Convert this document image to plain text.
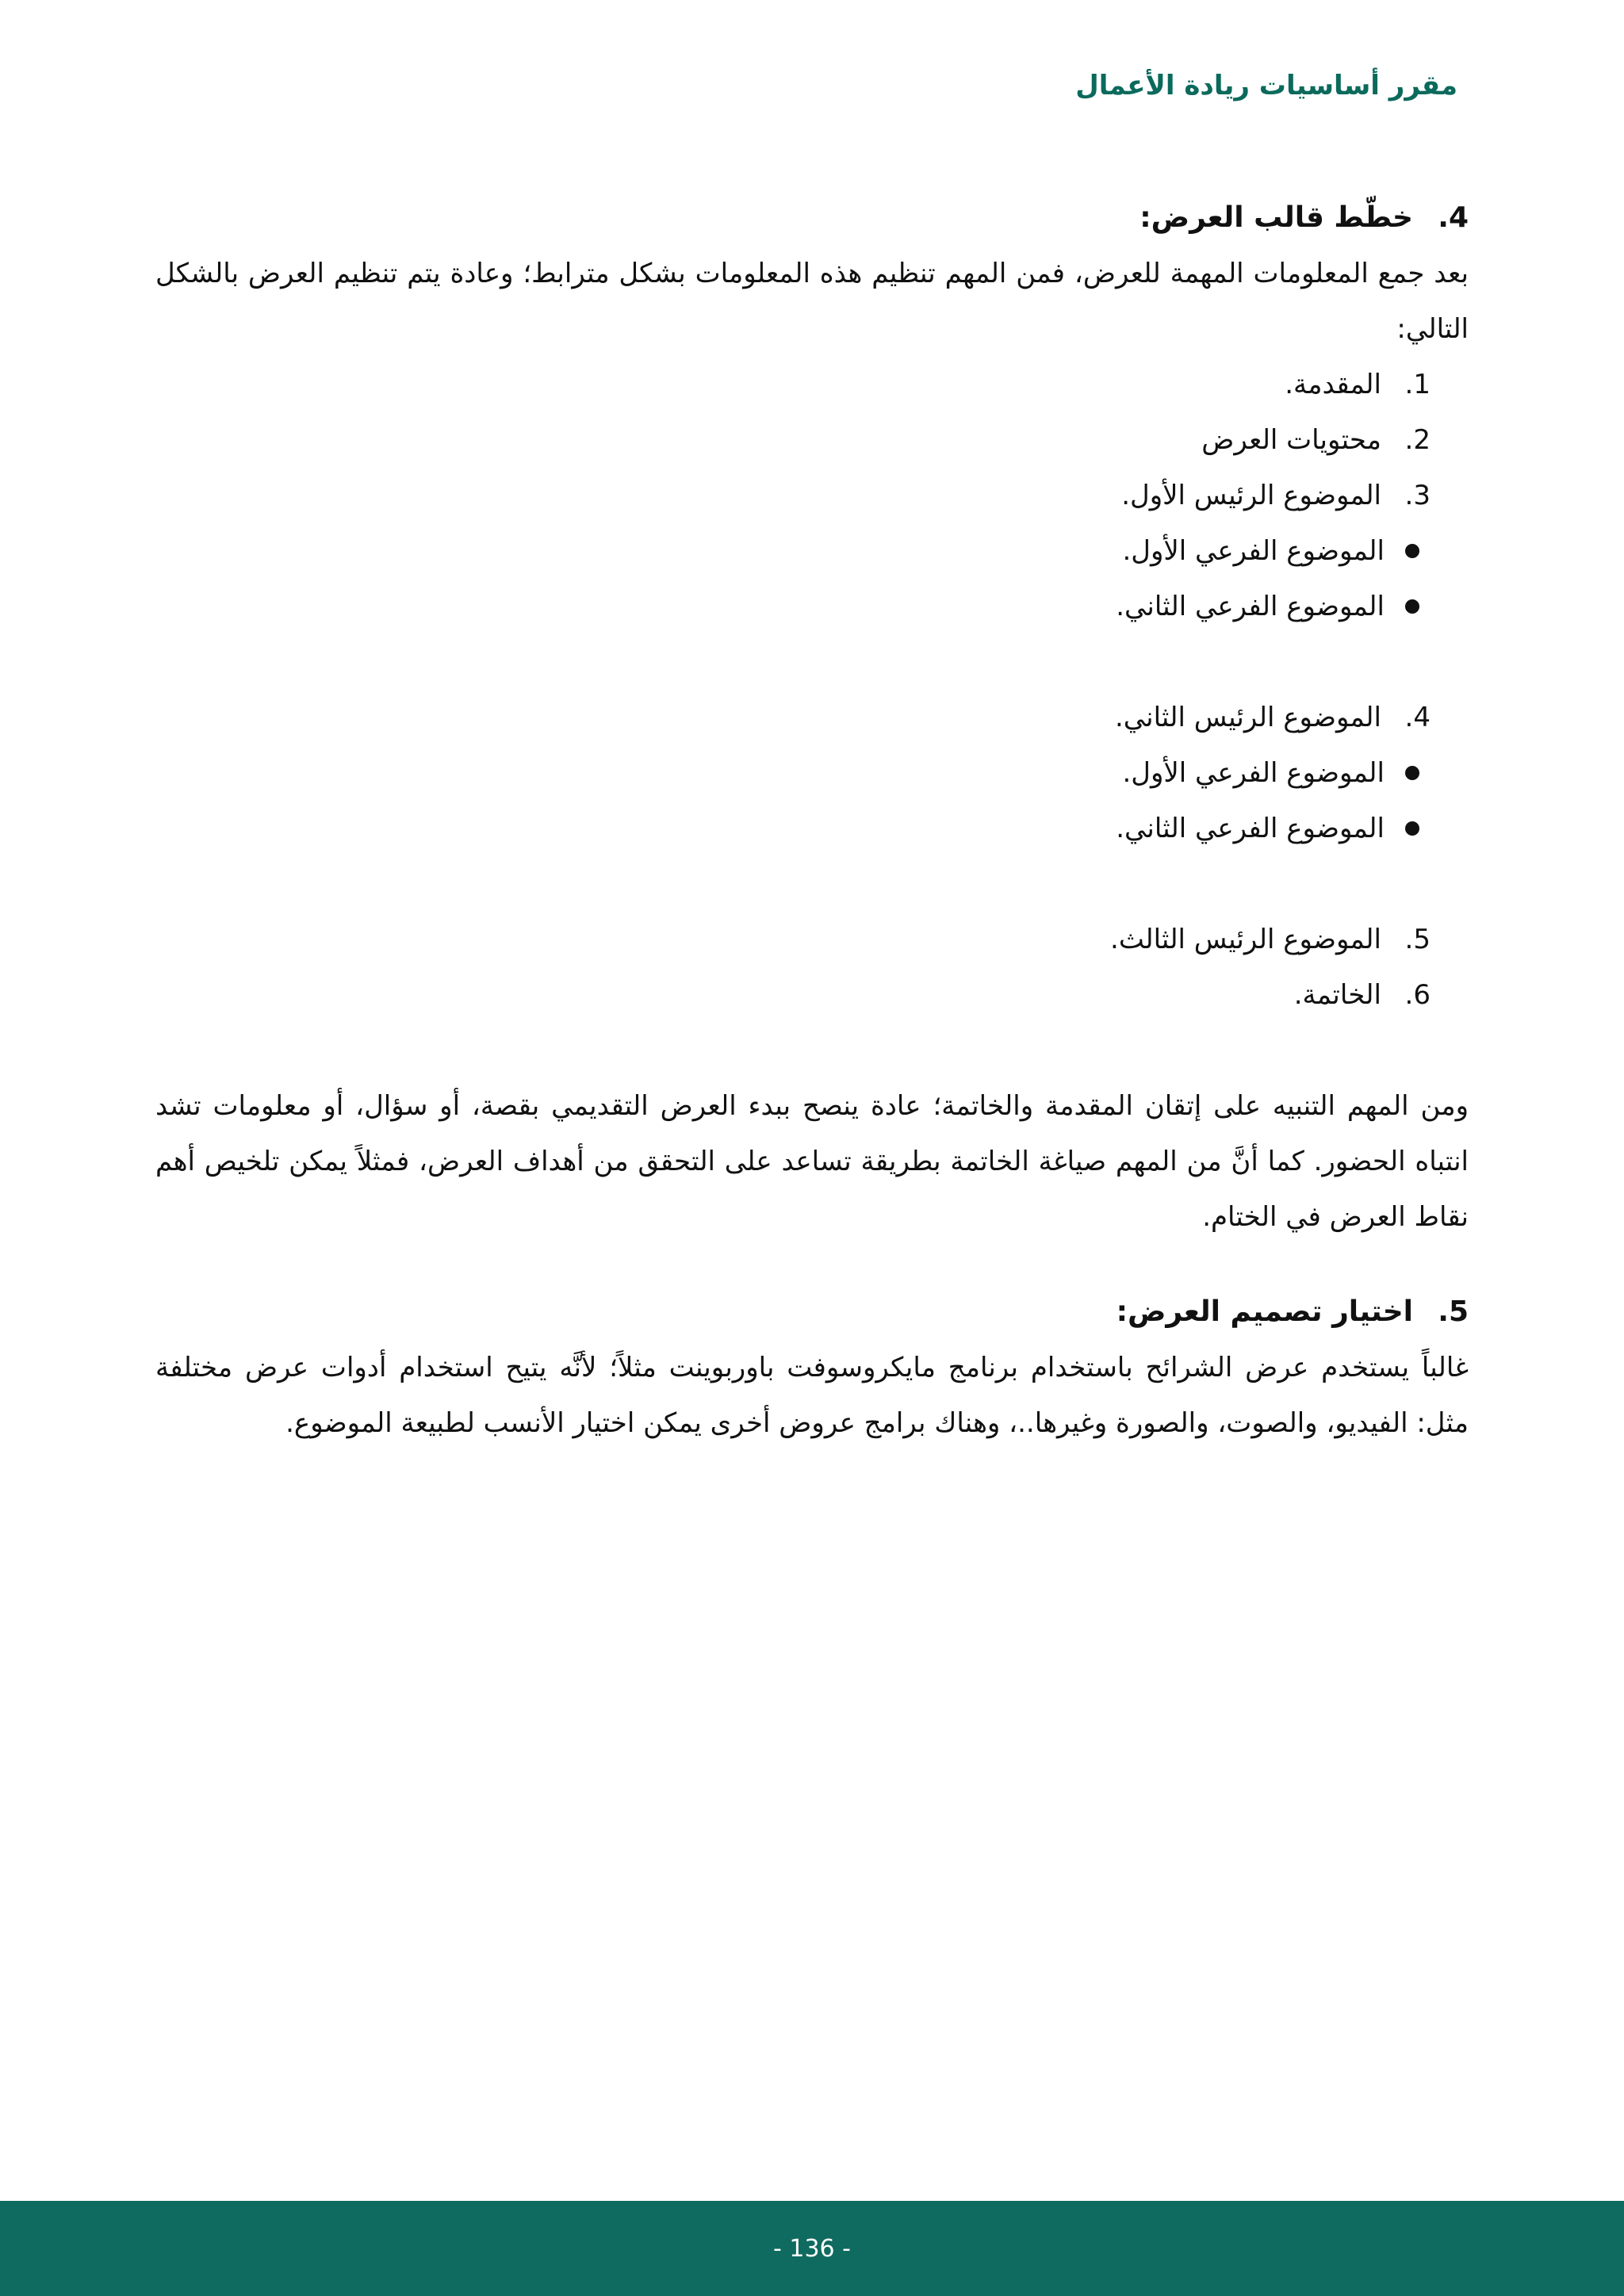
مقرر أساسيات ريادة الأعمال
4.
خطّط قالب العرض:

بعد جمع المعلومات المهمة للعرض، فمن المهم تنظيم هذه المعلومات بشكل مترابط؛ وعادة يتم تنظيم العرض بالشكل التالي:

1.
المقدمة.
2.
محتويات العرض
3.
الموضوع الرئيس الأول.
الموضوع الفرعي الأول.
الموضوع الفرعي الثاني.
4.
الموضوع الرئيس الثاني.
الموضوع الفرعي الأول.
الموضوع الفرعي الثاني.
5.
الموضوع الرئيس الثالث.
6.
الخاتمة.

ومن المهم التنبيه على إتقان المقدمة والخاتمة؛ عادة ينصح ببدء العرض التقديمي بقصة، أو سؤال، أو معلومات تشد انتباه الحضور. كما أنَّ من المهم صياغة الخاتمة بطريقة تساعد على التحقق من أهداف العرض، فمثلاً يمكن تلخيص أهم نقاط العرض في الختام.

5.
اختيار تصميم العرض:

غالباً يستخدم عرض الشرائح باستخدام برنامج مايكروسوفت باوربوينت مثلاً؛ لأنَّه يتيح استخدام أدوات عرض مختلفة مثل: الفيديو، والصوت، والصورة وغيرها..، وهناك برامج عروض أخرى يمكن اختيار الأنسب لطبيعة الموضوع.

- 136 -
